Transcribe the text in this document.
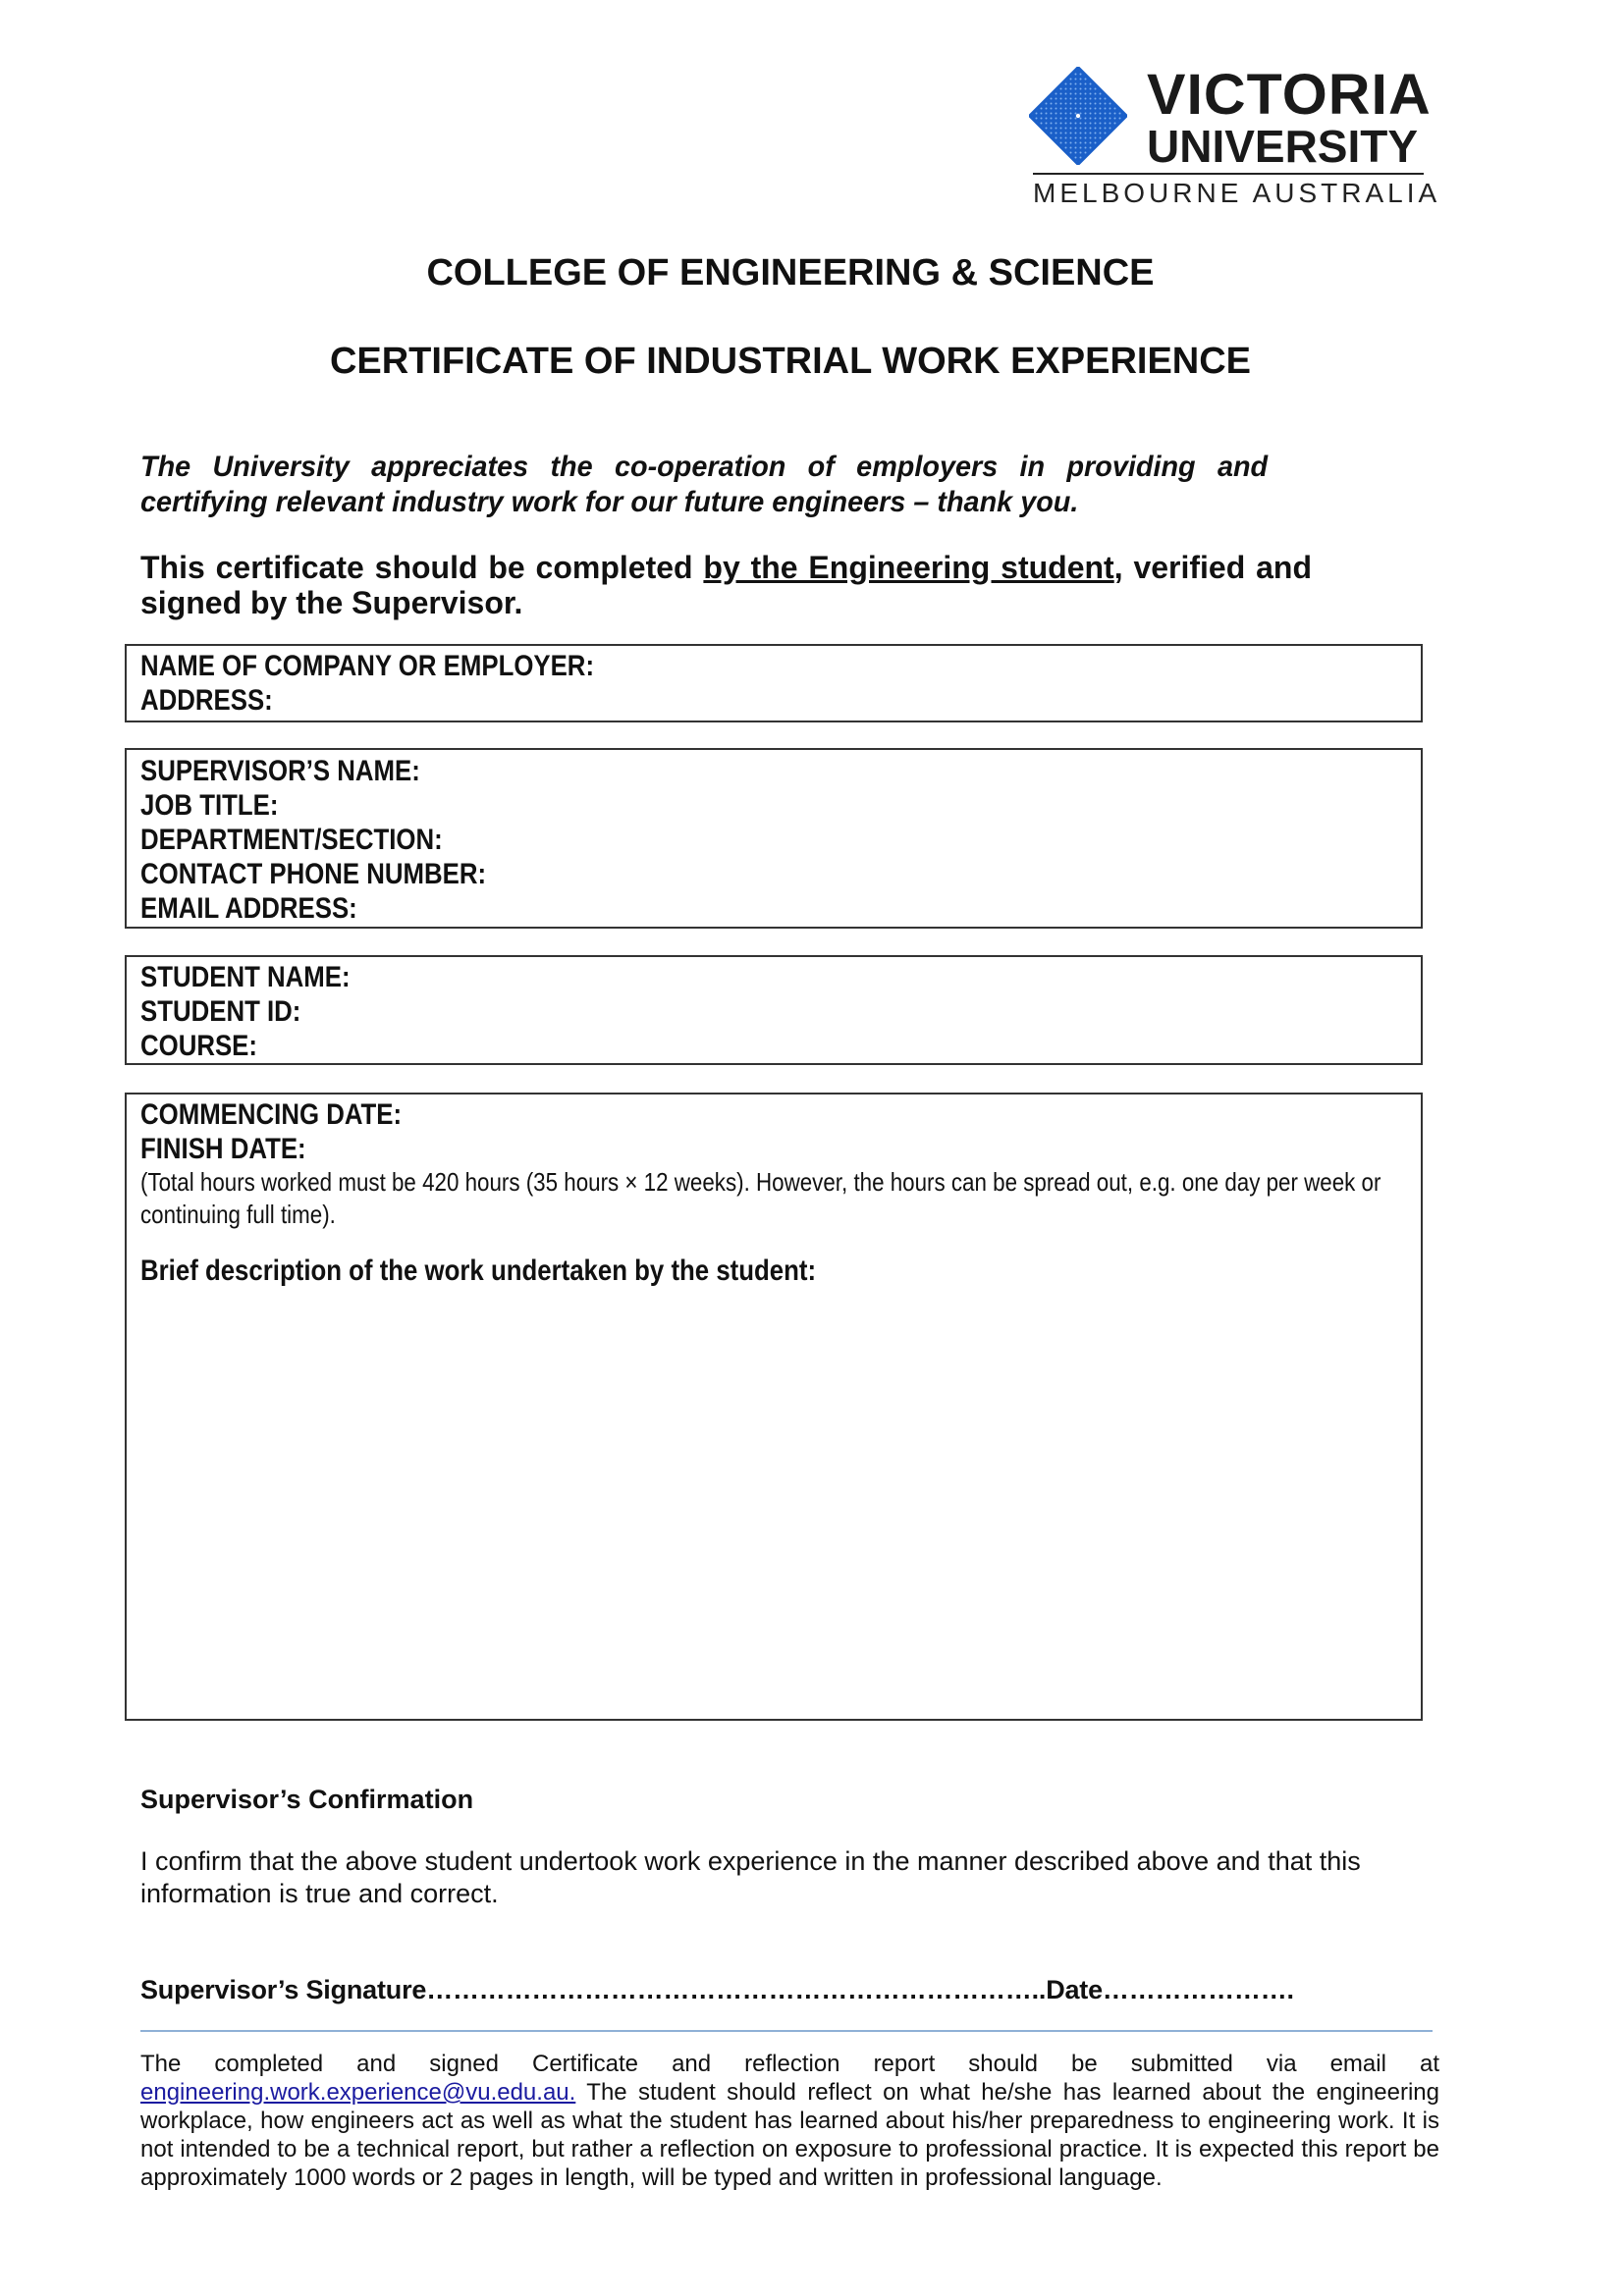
VICTORIA
UNIVERSITY
MELBOURNE AUSTRALIA
COLLEGE OF ENGINEERING & SCIENCE
CERTIFICATE OF INDUSTRIAL WORK EXPERIENCE
The University appreciates the co-operation of employers in providing and certifying relevant industry work for our future engineers – thank you.
This certificate should be completed by the Engineering student, verified and signed by the Supervisor.
NAME OF COMPANY OR EMPLOYER:
ADDRESS:
SUPERVISOR’S NAME:
JOB TITLE:
DEPARTMENT/SECTION:
CONTACT PHONE NUMBER:
EMAIL ADDRESS:
STUDENT NAME:
STUDENT ID:
COURSE:
COMMENCING DATE:
FINISH DATE:
(Total hours worked must be 420 hours (35 hours × 12 weeks). However, the hours can be spread out, e.g. one day per week or continuing full time).
Brief description of the work undertaken by the student:
Supervisor’s Confirmation
I confirm that the above student undertook work experience in the manner described above and that this information is true and correct.
Supervisor’s Signature……………………………………………………………..Date………………….
The completed and signed Certificate and reflection report should be submitted via email at engineering.work.experience@vu.edu.au. The student should reflect on what he/she has learned about the engineering workplace, how engineers act as well as what the student has learned about his/her preparedness to engineering work. It is not intended to be a technical report, but rather a reflection on exposure to professional practice. It is expected this report be approximately 1000 words or 2 pages in length, will be typed and written in professional language.
